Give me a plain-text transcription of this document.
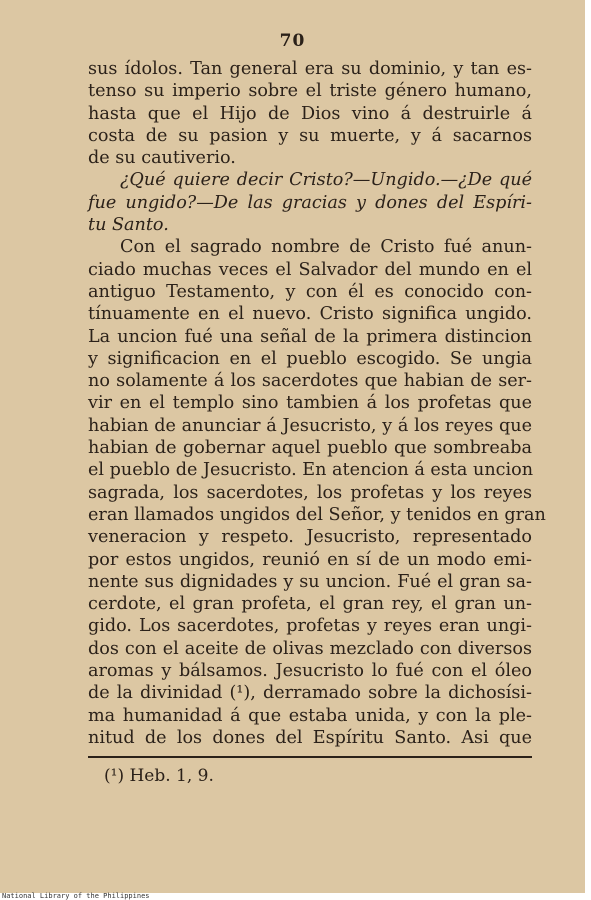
70
sus ídolos. Tan general era su dominio, y tan es-
tenso su imperio sobre el triste género humano,
hasta que el Hijo de Dios vino á destruirle á
costa de su pasion y su muerte, y á sacarnos
de su cautiverio.
¿Qué quiere decir Cristo?—Ungido.—¿De qué
fue ungido?—De las gracias y dones del Espíri-
tu Santo.
Con el sagrado nombre de Cristo fué anun-
ciado muchas veces el Salvador del mundo en el
antiguo Testamento, y con él es conocido con-
tínuamente en el nuevo. Cristo significa ungido.
La uncion fué una señal de la primera distincion
y significacion en el pueblo escogido. Se ungia
no solamente á los sacerdotes que habian de ser-
vir en el templo sino tambien á los profetas que
habian de anunciar á Jesucristo, y á los reyes que
habian de gobernar aquel pueblo que sombreaba
el pueblo de Jesucristo. En atencion á esta uncion
sagrada, los sacerdotes, los profetas y los reyes
eran llamados ungidos del Señor, y tenidos en gran
veneracion y respeto. Jesucristo, representado
por estos ungidos, reunió en sí de un modo emi-
nente sus dignidades y su uncion. Fué el gran sa-
cerdote, el gran profeta, el gran rey, el gran un-
gido. Los sacerdotes, profetas y reyes eran ungi-
dos con el aceite de olivas mezclado con diversos
aromas y bálsamos. Jesucristo lo fué con el óleo
de la divinidad (¹), derramado sobre la dichosísi-
ma humanidad á que estaba unida, y con la ple-
nitud de los dones del Espíritu Santo. Asi que
(¹) Heb. 1, 9.
National Library of the Philippines
